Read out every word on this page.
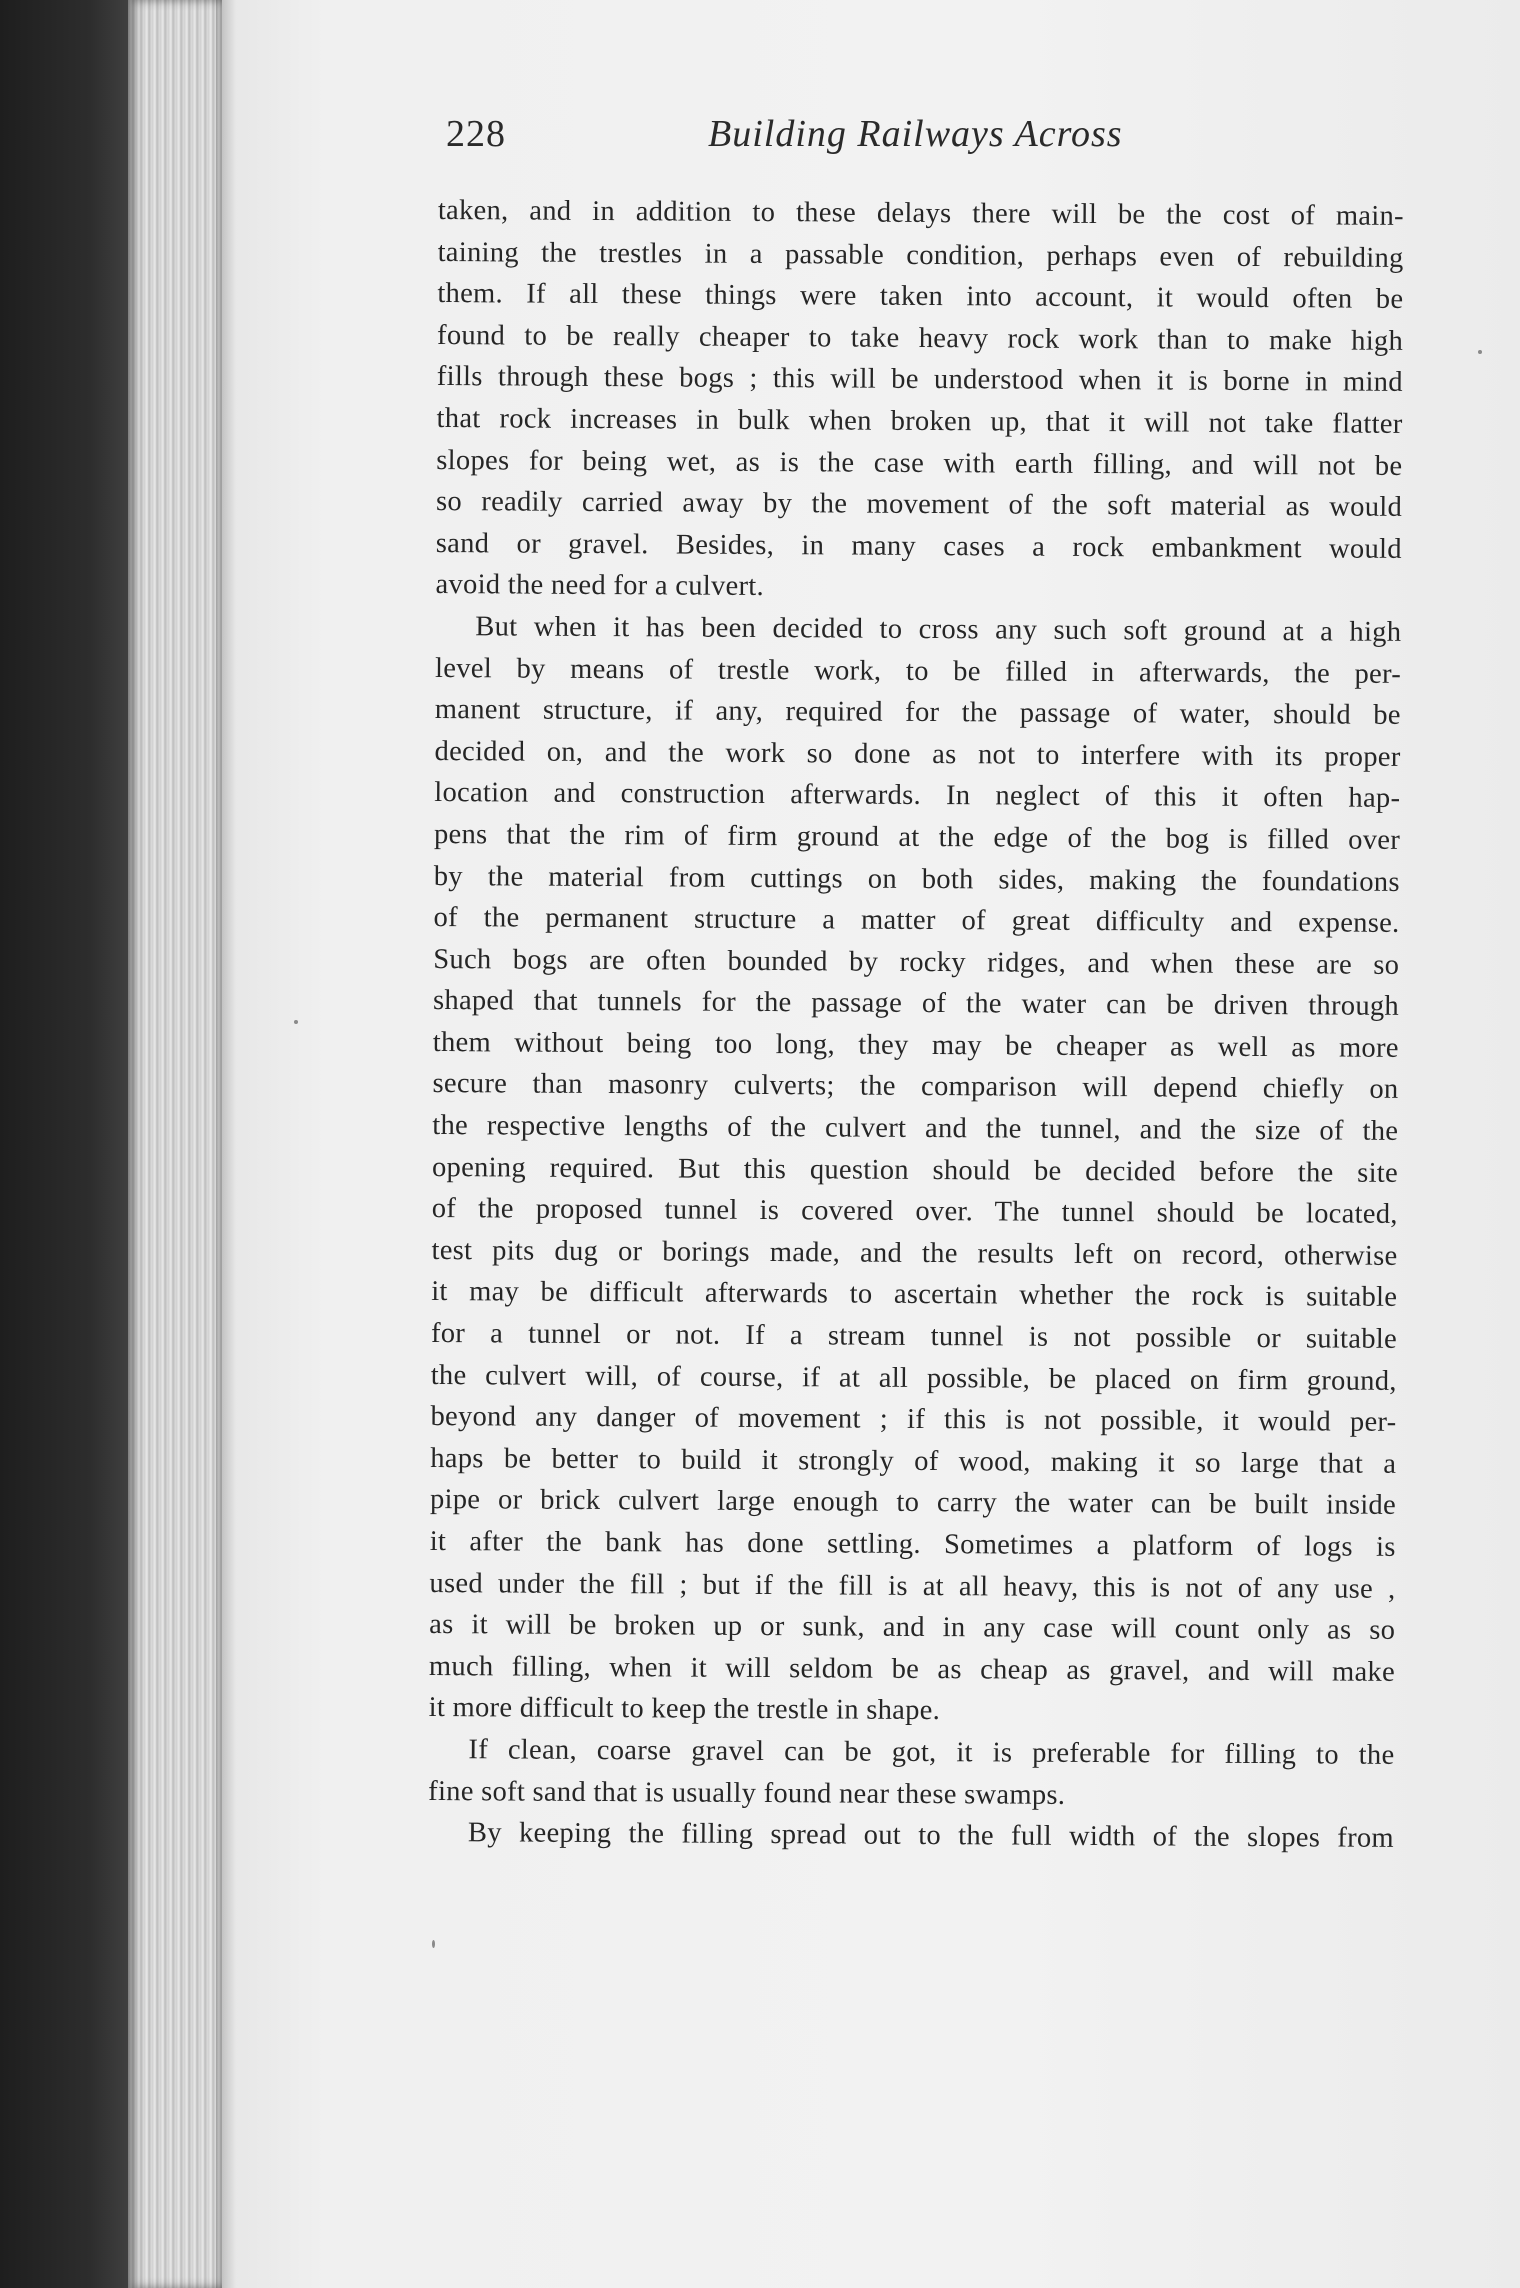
228	Building Railways Across

taken, and in addition to these delays there will be the cost of main-
taining the trestles in a passable condition, perhaps even of rebuilding
them. If all these things were taken into account, it would often be
found to be really cheaper to take heavy rock work than to make high
fills through these bogs ; this will be understood when it is borne in mind
that rock increases in bulk when broken up, that it will not take flatter
slopes for being wet, as is the case with earth filling, and will not be
so readily carried away by the movement of the soft material as would
sand or gravel. Besides, in many cases a rock embankment would
avoid the need for a culvert.

But when it has been decided to cross any such soft ground at a high
level by means of trestle work, to be filled in afterwards, the per-
manent structure, if any, required for the passage of water, should be
decided on, and the work so done as not to interfere with its proper
location and construction afterwards. In neglect of this it often hap-
pens that the rim of firm ground at the edge of the bog is filled over
by the material from cuttings on both sides, making the foundations
of the permanent structure a matter of great difficulty and expense.
Such bogs are often bounded by rocky ridges, and when these are so
shaped that tunnels for the passage of the water can be driven through
them without being too long, they may be cheaper as well as more
secure than masonry culverts; the comparison will depend chiefly on
the respective lengths of the culvert and the tunnel, and the size of the
opening required. But this question should be decided before the site
of the proposed tunnel is covered over. The tunnel should be located,
test pits dug or borings made, and the results left on record, otherwise
it may be difficult afterwards to ascertain whether the rock is suitable
for a tunnel or not. If a stream tunnel is not possible or suitable
the culvert will, of course, if at all possible, be placed on firm ground,
beyond any danger of movement ; if this is not possible, it would per-
haps be better to build it strongly of wood, making it so large that a
pipe or brick culvert large enough to carry the water can be built inside
it after the bank has done settling. Sometimes a platform of logs is
used under the fill ; but if the fill is at all heavy, this is not of any use ,
as it will be broken up or sunk, and in any case will count only as so
much filling, when it will seldom be as cheap as gravel, and will make
it more difficult to keep the trestle in shape.

If clean, coarse gravel can be got, it is preferable for filling to the
fine soft sand that is usually found near these swamps.

By keeping the filling spread out to the full width of the slopes from
